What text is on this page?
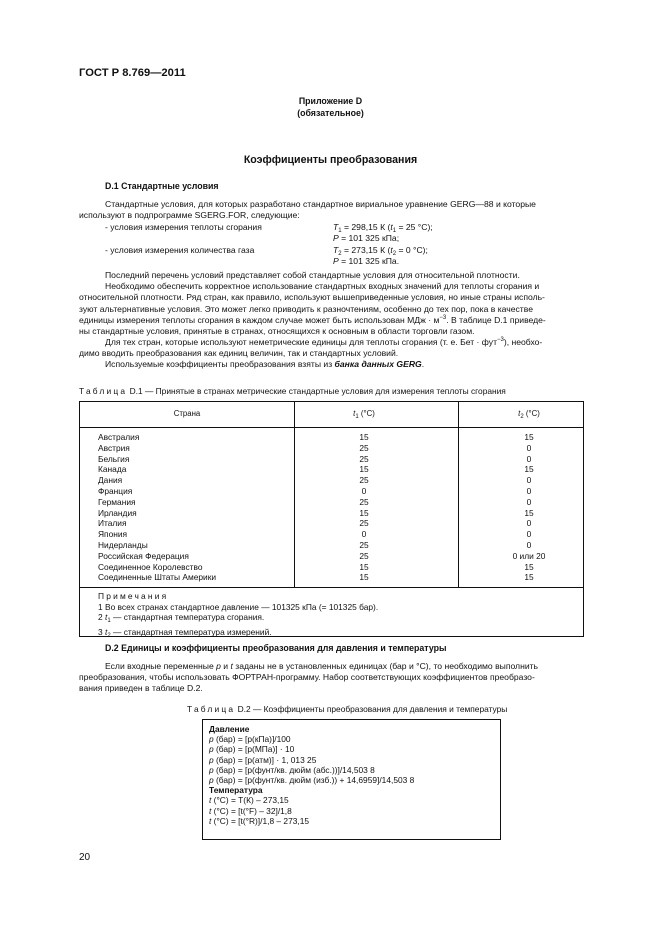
ГОСТ Р 8.769—2011
Приложение D
(обязательное)
Коэффициенты преобразования
D.1 Стандартные условия
Стандартные условия, для которых разработано стандартное вириальное уравнение GERG—88 и которые
используют в подпрограмме SGERG.FOR, следующие:
- условия измерения теплоты сгорания	$T_1 = 298,15$ К ($t_1 = 25$ °С);
P = 101 325 кПа;
- условия измерения количества газа	$T_2 = 273,15$ К ($t_2 = 0$ °С);
P = 101 325 кПа.
Последний перечень условий представляет собой стандартные условия для относительной плотности.
Необходимо обеспечить корректное использование стандартных входных значений для теплоты сгорания и
относительной плотности. Ряд стран, как правило, используют вышеприведенные условия, но иные страны исполь-
зуют альтернативные условия. Это может легко приводить к разночтениям, особенно до тех пор, пока в качестве
единицы измерения теплоты сгорания в каждом случае может быть использован МДж · $м^{-3}$. В таблице D.1 приведе-
ны стандартные условия, принятые в странах, относящихся к основным в области торговли газом.
Для тех стран, которые используют неметрические единицы для теплоты сгорания (т. е. Бет · фут$^{-3}$), необхо-
димо вводить преобразования как единиц величин, так и стандартных условий.
Используемые коэффициенты преобразования взяты из банка данных GERG.
Таблица D.1 — Принятые в странах метрические стандартные условия для измерения теплоты сгорания
Страна	$t_1$ (°С)	$t_2$ (°С)
Австралия	15	15
Австрия	25	0
Бельгия	25	0
Канада	15	15
Дания	25	0
Франция	0	0
Германия	25	0
Ирландия	15	15
Италия	25	0
Япония	0	0
Нидерланды	25	0
Российская Федерация	25	0 или 20
Соединенное Королевство	15	15
Соединенные Штаты Америки	15	15
Примечания
1 Во всех странах стандартное давление — 101325 кПа (= 101325 бар).
2 $t_1$ — стандартная температура сгорания.
3 $t_2$ — стандартная температура измерений.
D.2 Единицы и коэффициенты преобразования для давления и температуры
Если входные переменные p и t заданы не в установленных единицах (бар и °С), то необходимо выполнить
преобразования, чтобы использовать ФОРТРАН-программу. Набор соответствующих коэффициентов преобразо-
вания приведен в таблице D.2.
Таблица D.2 — Коэффициенты преобразования для давления и температуры
Давление
p (бар) = [р(кПа)]/100
p (бар) = [р(МПа)] · 10
p (бар) = [р(атм)] · 1, 013 25
p (бар) = [р(фунт/кв. дюйм (абс.))]/14,503 8
p (бар) = [р(фунт/кв. дюйм (изб.)) + 14,6959]/14,503 8
Температура
t (°С) = Т(К) – 273,15
t (°С) = [t(°F) – 32]/1,8
t (°С) = [t(°R)]/1,8 – 273,15
20
